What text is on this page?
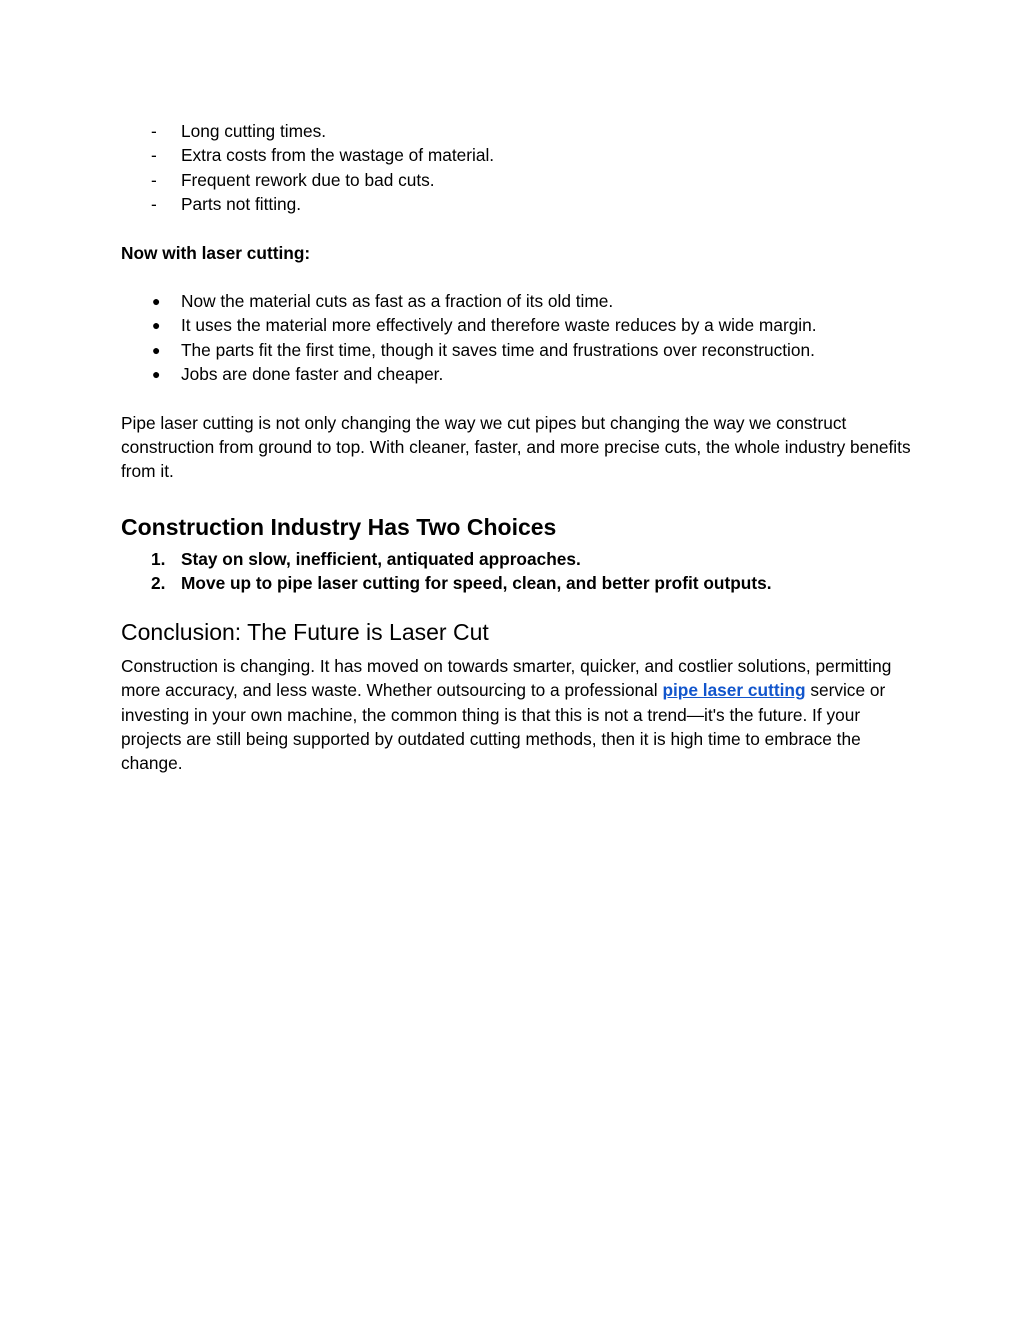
- Long cutting times.
- Extra costs from the wastage of material.
- Frequent rework due to bad cuts.
- Parts not fitting.
Now with laser cutting:
● Now the material cuts as fast as a fraction of its old time.
● It uses the material more effectively and therefore waste reduces by a wide margin.
● The parts fit the first time, though it saves time and frustrations over reconstruction.
● Jobs are done faster and cheaper.

Pipe laser cutting is not only changing the way we cut pipes but changing the way we construct construction from ground to top. With cleaner, faster, and more precise cuts, the whole industry benefits from it.

Construction Industry Has Two Choices
1. Stay on slow, inefficient, antiquated approaches.
2. Move up to pipe laser cutting for speed, clean, and better profit outputs.
Conclusion: The Future is Laser Cut

Construction is changing. It has moved on towards smarter, quicker, and costlier solutions, permitting more accuracy, and less waste. Whether outsourcing to a professional pipe laser cutting service or investing in your own machine, the common thing is that this is not a trend—it's the future. If your projects are still being supported by outdated cutting methods, then it is high time to embrace the change.
